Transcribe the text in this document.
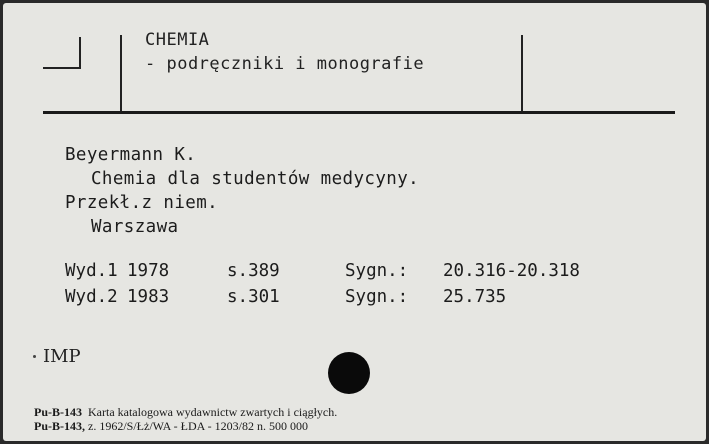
CHEMIA
- podręczniki i monografie
Beyermann K.
Chemia dla studentów medycyny.
Przekł.z niem.
Warszawa
Wyd.1 1978	s.389	Sygn.: 20.316-20.318
Wyd.2 1983	s.301	Sygn.: 25.735
IMP
Pu-B-143 Karta katalogowa wydawnictw zwartych i ciągłych.
Pu-B-143, z. 1962/S/Łż/WA - ŁDA - 1203/82 n. 500 000
